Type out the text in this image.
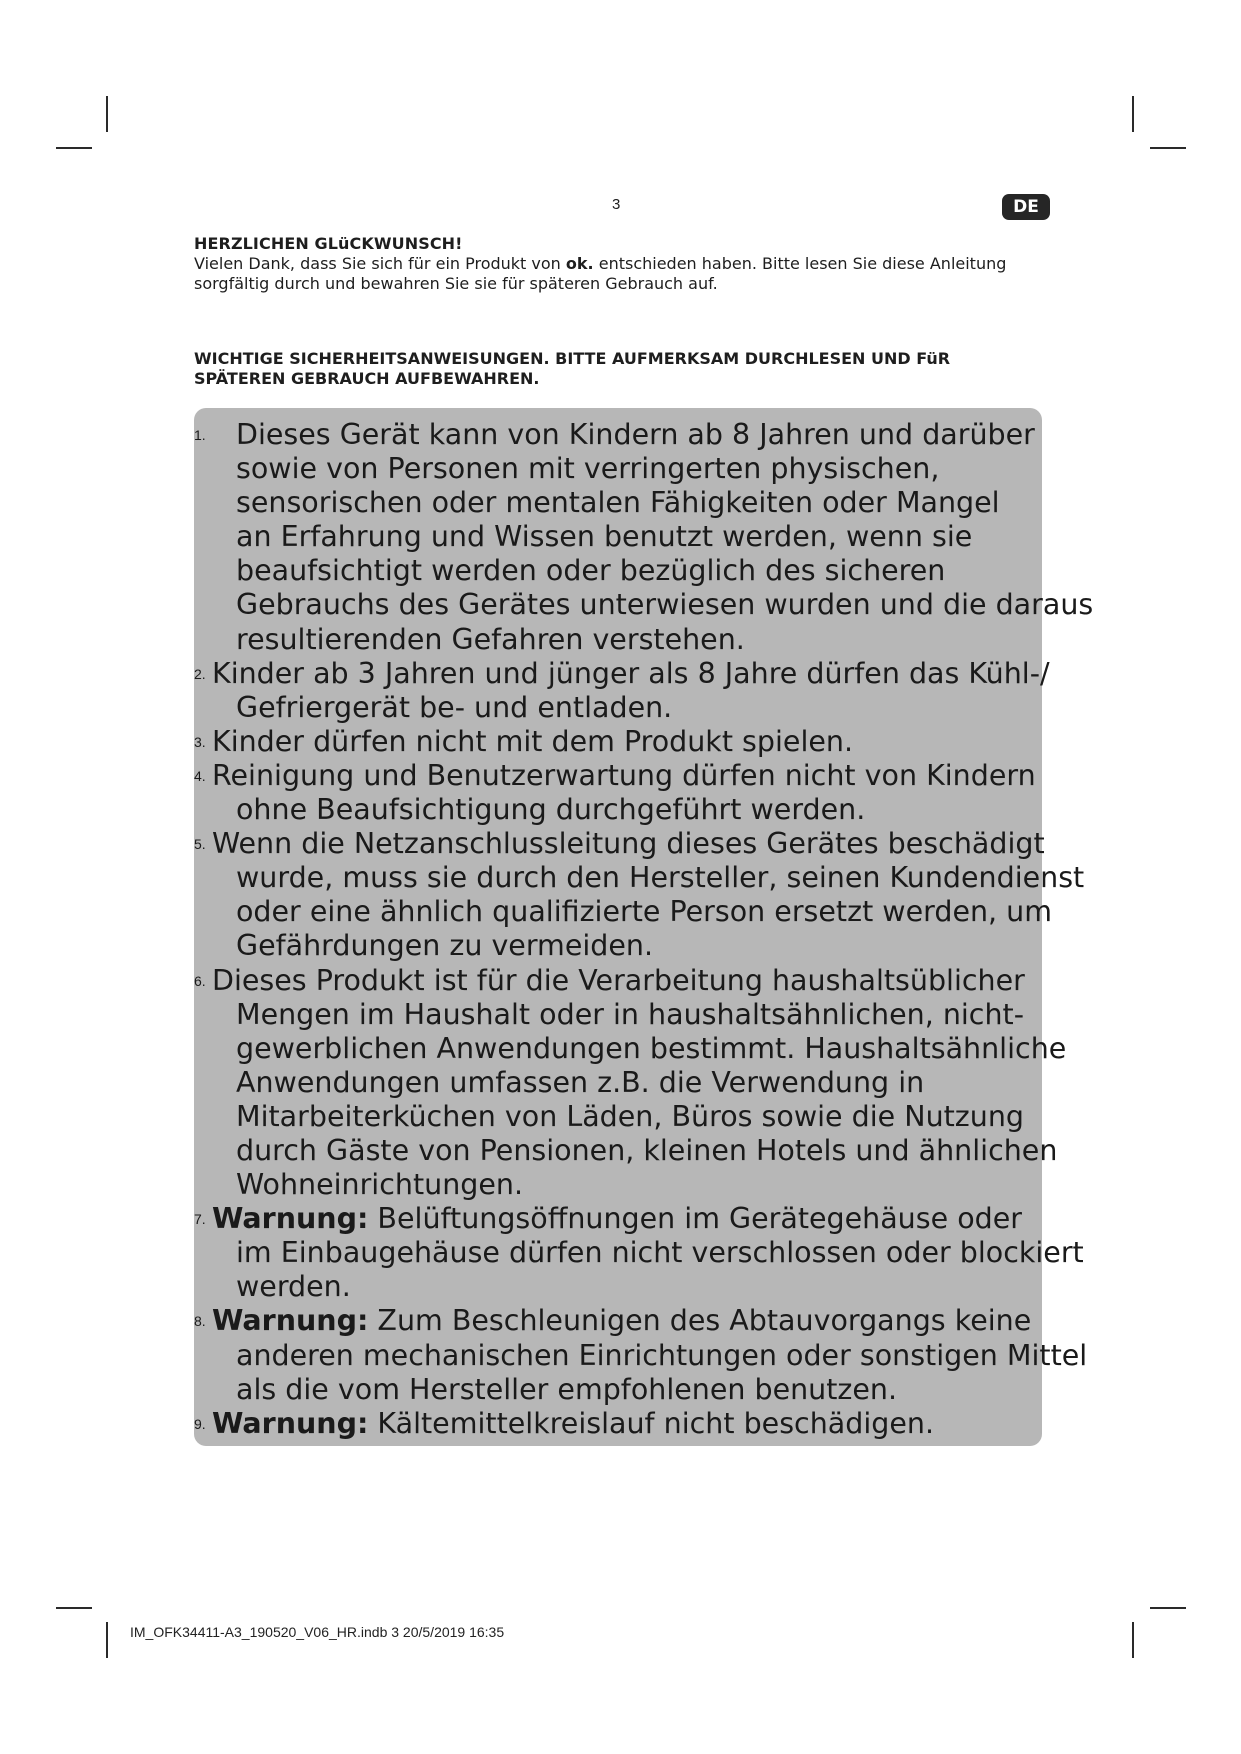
3	DE
HERZLICHEN GLüCKWUNSCH!
Vielen Dank, dass Sie sich für ein Produkt von ok. entschieden haben. Bitte lesen Sie diese Anleitung
sorgfältig durch und bewahren Sie sie für späteren Gebrauch auf.
WICHTIGE SICHERHEITSANWEISUNGEN. BITTE AUFMERKSAM DURCHLESEN UND FüR
SPÄTEREN GEBRAUCH AUFBEWAHREN.
1. Dieses Gerät kann von Kindern ab 8 Jahren und darüber
sowie von Personen mit verringerten physischen,
sensorischen oder mentalen Fähigkeiten oder Mangel
an Erfahrung und Wissen benutzt werden, wenn sie
beaufsichtigt werden oder bezüglich des sicheren
Gebrauchs des Gerätes unterwiesen wurden und die daraus
resultierenden Gefahren verstehen.
2. Kinder ab 3 Jahren und jünger als 8 Jahre dürfen das Kühl-/
Gefriergerät be- und entladen.
3. Kinder dürfen nicht mit dem Produkt spielen.
4. Reinigung und Benutzerwartung dürfen nicht von Kindern
ohne Beaufsichtigung durchgeführt werden.
5. Wenn die Netzanschlussleitung dieses Gerätes beschädigt
wurde, muss sie durch den Hersteller, seinen Kundendienst
oder eine ähnlich qualifizierte Person ersetzt werden, um
Gefährdungen zu vermeiden.
6. Dieses Produkt ist für die Verarbeitung haushaltsüblicher
Mengen im Haushalt oder in haushaltsähnlichen, nicht-
gewerblichen Anwendungen bestimmt. Haushaltsähnliche
Anwendungen umfassen z.B. die Verwendung in
Mitarbeiterküchen von Läden, Büros sowie die Nutzung
durch Gäste von Pensionen, kleinen Hotels und ähnlichen
Wohneinrichtungen.
7. Warnung: Belüftungsöffnungen im Gerätegehäuse oder
im Einbaugehäuse dürfen nicht verschlossen oder blockiert
werden.
8. Warnung: Zum Beschleunigen des Abtauvorgangs keine
anderen mechanischen Einrichtungen oder sonstigen Mittel
als die vom Hersteller empfohlenen benutzen.
9. Warnung: Kältemittelkreislauf nicht beschädigen.
IM_OFK34411-A3_190520_V06_HR.indb 3 20/5/2019 16:35
